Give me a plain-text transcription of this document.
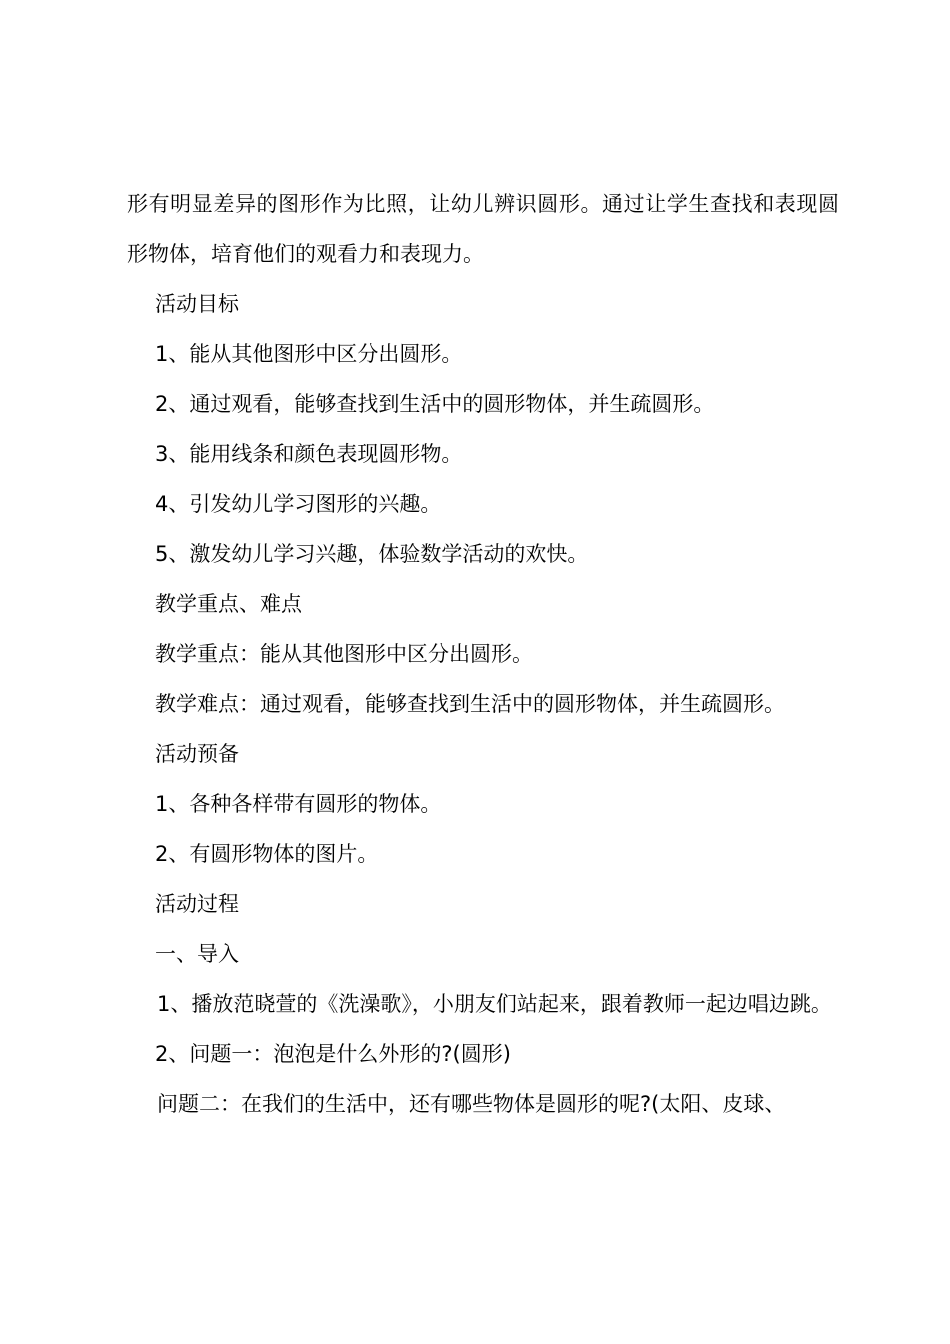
形有明显差异的图形作为比照，让幼儿辨识圆形。通过让学生查找和表现圆形物体，培育他们的观看力和表现力。

活动目标

1、能从其他图形中区分出圆形。

2、通过观看，能够查找到生活中的圆形物体，并生疏圆形。

3、能用线条和颜色表现圆形物。

4、引发幼儿学习图形的兴趣。

5、激发幼儿学习兴趣，体验数学活动的欢快。

教学重点、难点

教学重点：能从其他图形中区分出圆形。

教学难点：通过观看，能够查找到生活中的圆形物体，并生疏圆形。

活动预备

1、各种各样带有圆形的物体。

2、有圆形物体的图片。

活动过程

一、导入

1、播放范晓萱的《洗澡歌》，小朋友们站起来，跟着教师一起边唱边跳。

2、问题一：泡泡是什么外形的?(圆形)

问题二：在我们的生活中，还有哪些物体是圆形的呢?(太阳、皮球、
